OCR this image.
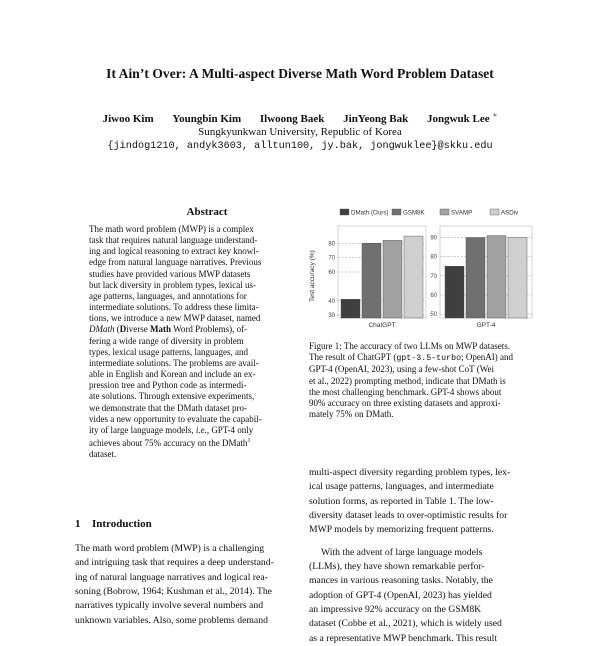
It Ain’t Over: A Multi-aspect Diverse Math Word Problem Dataset
Jiwoo Kim Youngbin Kim Ilwoong Baek JinYeong Bak Jongwuk Lee ∗
Sungkyunkwan University, Republic of Korea
{jindog1210, andyk3603, alltun100, jy.bak, jongwuklee}@skku.edu
Abstract
The math word problem (MWP) is a complex
task that requires natural language understand-
ing and logical reasoning to extract key knowl-
edge from natural language narratives. Previous
studies have provided various MWP datasets
but lack diversity in problem types, lexical us-
age patterns, languages, and annotations for
intermediate solutions. To address these limita-
tions, we introduce a new MWP dataset, named
DMath (Diverse Math Word Problems), of-
fering a wide range of diversity in problem
types, lexical usage patterns, languages, and
intermediate solutions. The problems are avail-
able in English and Korean and include an ex-
pression tree and Python code as intermedi-
ate solutions. Through extensive experiments,
we demonstrate that the DMath dataset pro-
vides a new opportunity to evaluate the capabil-
ity of large language models, i.e., GPT-4 only
achieves about 75% accuracy on the DMath$^1$
dataset.
1 Introduction
The math word problem (MWP) is a challenging
and intriguing task that requires a deep understand-
ing of natural language narratives and logical rea-
soning (Bobrow, 1964; Kushman et al., 2014). The
narratives typically involve several numbers and
unknown variables. Also, some problems demand
DMath (Ours) GSM8K	SVAMP	ASDiv
Test accuracy (%)
30
40
60
70
80
ChatGPT
50
60
70
80
90
GPT-4
Figure 1: The accuracy of two LLMs on MWP datasets.
The result of ChatGPT (gpt-3.5-turbo; OpenAI) and
GPT-4 (OpenAI, 2023), using a few-shot CoT (Wei
et al., 2022) prompting method, indicate that DMath is
the most challenging benchmark. GPT-4 shows about
90% accuracy on three existing datasets and approxi-
mately 75% on DMath.
multi-aspect diversity regarding problem types, lex-
ical usage patterns, languages, and intermediate
solution forms, as reported in Table 1. The low-
diversity dataset leads to over-optimistic results for
MWP models by memorizing frequent patterns.
With the advent of large language models
(LLMs), they have shown remarkable perfor-
mances in various reasoning tasks. Notably, the
adoption of GPT-4 (OpenAI, 2023) has yielded
an impressive 92% accuracy on the GSM8K
dataset (Cobbe et al., 2021), which is widely used
as a representative MWP benchmark. This result
